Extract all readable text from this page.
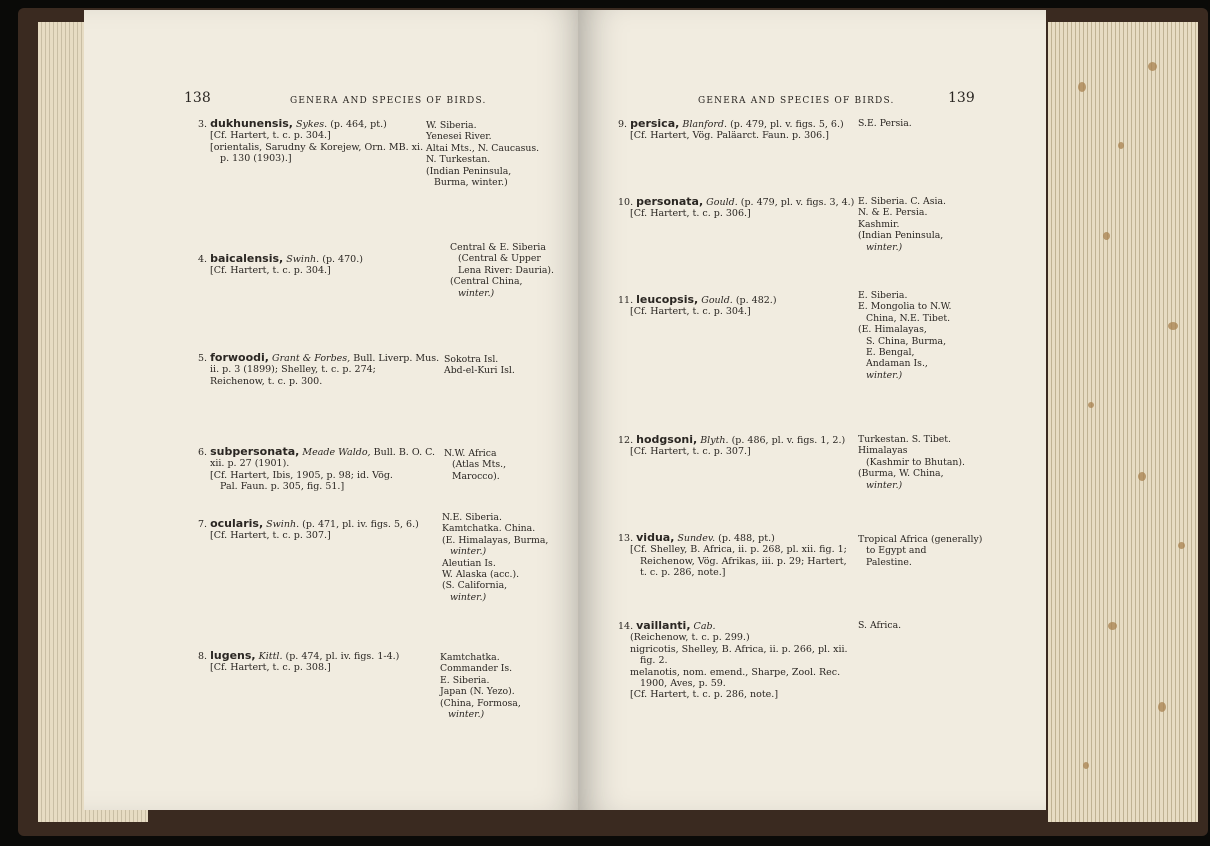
138	GENERA AND SPECIES OF BIRDS.
3. dukhunensis, Sykes. (p. 464, pt.)
[Cf. Hartert, t. c. p. 304.]
[orientalis, Sarudny & Korejew, Orn. MB. xi.
p. 130 (1903).]
W. Siberia.
Yenesei River.
Altai Mts., N. Caucasus.
N. Turkestan.
(Indian Peninsula,
Burma, winter.)
4. baicalensis, Swinh. (p. 470.)
[Cf. Hartert, t. c. p. 304.]
Central & E. Siberia
(Central & Upper
Lena River: Dauria).
(Central China,
winter.)
5. forwoodi, Grant & Forbes, Bull. Liverp. Mus.
ii. p. 3 (1899); Shelley, t. c. p. 274;
Reichenow, t. c. p. 300.
Sokotra Isl.
Abd-el-Kuri Isl.
6. subpersonata, Meade Waldo, Bull. B. O. C.
xii. p. 27 (1901).
[Cf. Hartert, Ibis, 1905, p. 98; id. Vög.
Pal. Faun. p. 305, fig. 51.]
N.W. Africa
(Atlas Mts.,
Marocco).
7. ocularis, Swinh. (p. 471, pl. iv. figs. 5, 6.)
[Cf. Hartert, t. c. p. 307.]
N.E. Siberia.
Kamtchatka. China.
(E. Himalayas, Burma,
winter.)
Aleutian Is.
W. Alaska (acc.).
(S. California,
winter.)
8. lugens, Kittl. (p. 474, pl. iv. figs. 1-4.)
[Cf. Hartert, t. c. p. 308.]
Kamtchatka.
Commander Is.
E. Siberia.
Japan (N. Yezo).
(China, Formosa,
winter.)
GENERA AND SPECIES OF BIRDS.	139
9. persica, Blanford. (p. 479, pl. v. figs. 5, 6.)
[Cf. Hartert, Vög. Paläarct. Faun. p. 306.]
S.E. Persia.
10. personata, Gould. (p. 479, pl. v. figs. 3, 4.)
[Cf. Hartert, t. c. p. 306.]
E. Siberia. C. Asia.
N. & E. Persia.
Kashmir.
(Indian Peninsula,
winter.)
11. leucopsis, Gould. (p. 482.)
[Cf. Hartert, t. c. p. 304.]
E. Siberia.
E. Mongolia to N.W.
China, N.E. Tibet.
(E. Himalayas,
S. China, Burma,
E. Bengal,
Andaman Is.,
winter.)
12. hodgsoni, Blyth. (p. 486, pl. v. figs. 1, 2.)
[Cf. Hartert, t. c. p. 307.]
Turkestan. S. Tibet.
Himalayas
(Kashmir to Bhutan).
(Burma, W. China,
winter.)
13. vidua, Sundev. (p. 488, pt.)
[Cf. Shelley, B. Africa, ii. p. 268, pl. xii. fig. 1;
Reichenow, Vög. Afrikas, iii. p. 29; Hartert,
t. c. p. 286, note.]
Tropical Africa (generally)
to Egypt and
Palestine.
14. vaillanti, Cab.
(Reichenow, t. c. p. 299.)
nigricotis, Shelley, B. Africa, ii. p. 266, pl. xii.
fig. 2.
melanotis, nom. emend., Sharpe, Zool. Rec.
1900, Aves, p. 59.
[Cf. Hartert, t. c. p. 286, note.]
S. Africa.
